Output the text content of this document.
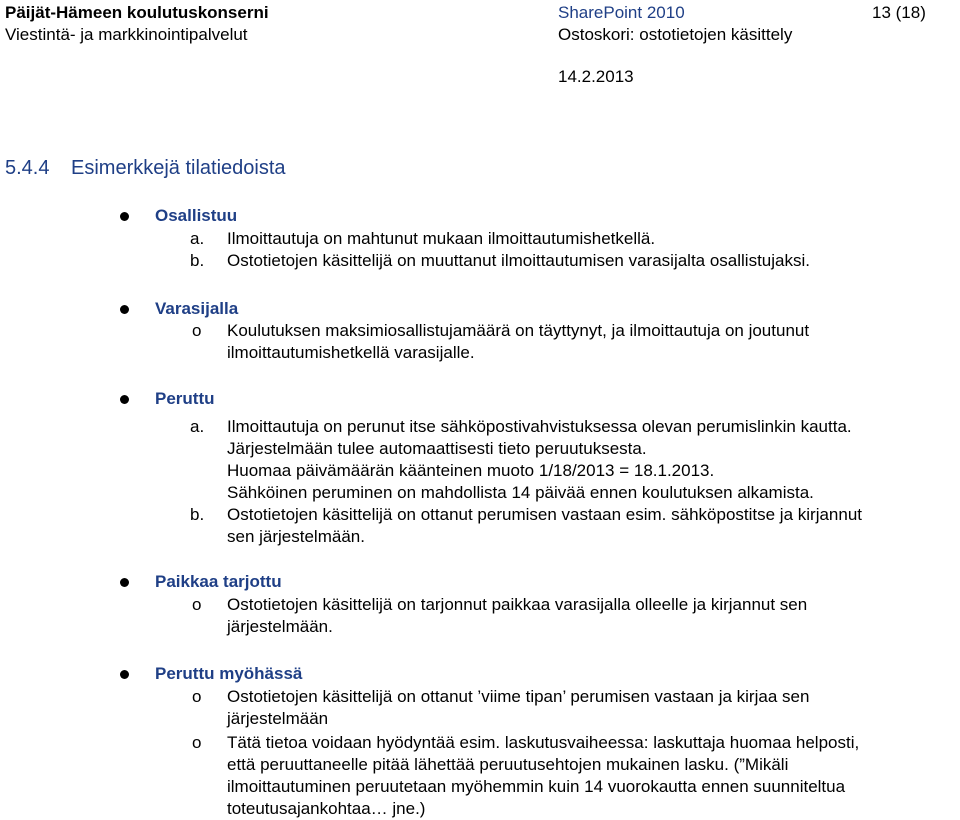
Päijät-Hämeen koulutuskonserni
Viestintä- ja markkinointipalvelut
SharePoint 2010
Ostoskori: ostotietojen käsittely
13 (18)
14.2.2013
5.4.4 Esimerkkejä tilatiedoista
Osallistuu
a. Ilmoittautuja on mahtunut mukaan ilmoittautumishetkellä.
b. Ostotietojen käsittelijä on muuttanut ilmoittautumisen varasijalta osallistujaksi.
Varasijalla
o Koulutuksen maksimiosallistujamäärä on täyttynyt, ja ilmoittautuja on joutunut
ilmoittautumishetkellä varasijalle.
Peruttu
a. Ilmoittautuja on perunut itse sähköpostivahvistuksessa olevan perumislinkin kautta.
Järjestelmään tulee automaattisesti tieto peruutuksesta.
Huomaa päivämäärän käänteinen muoto 1/18/2013 = 18.1.2013.
Sähköinen peruminen on mahdollista 14 päivää ennen koulutuksen alkamista.
b. Ostotietojen käsittelijä on ottanut perumisen vastaan esim. sähköpostitse ja kirjannut
sen järjestelmään.
Paikkaa tarjottu
o Ostotietojen käsittelijä on tarjonnut paikkaa varasijalla olleelle ja kirjannut sen
järjestelmään.
Peruttu myöhässä
o Ostotietojen käsittelijä on ottanut ’viime tipan’ perumisen vastaan ja kirjaa sen
järjestelmään
o Tätä tietoa voidaan hyödyntää esim. laskutusvaiheessa: laskuttaja huomaa helposti,
että peruuttaneelle pitää lähettää peruutusehtojen mukainen lasku. (”Mikäli
ilmoittautuminen peruutetaan myöhemmin kuin 14 vuorokautta ennen suunniteltua
toteutusajankohtaa… jne.)
